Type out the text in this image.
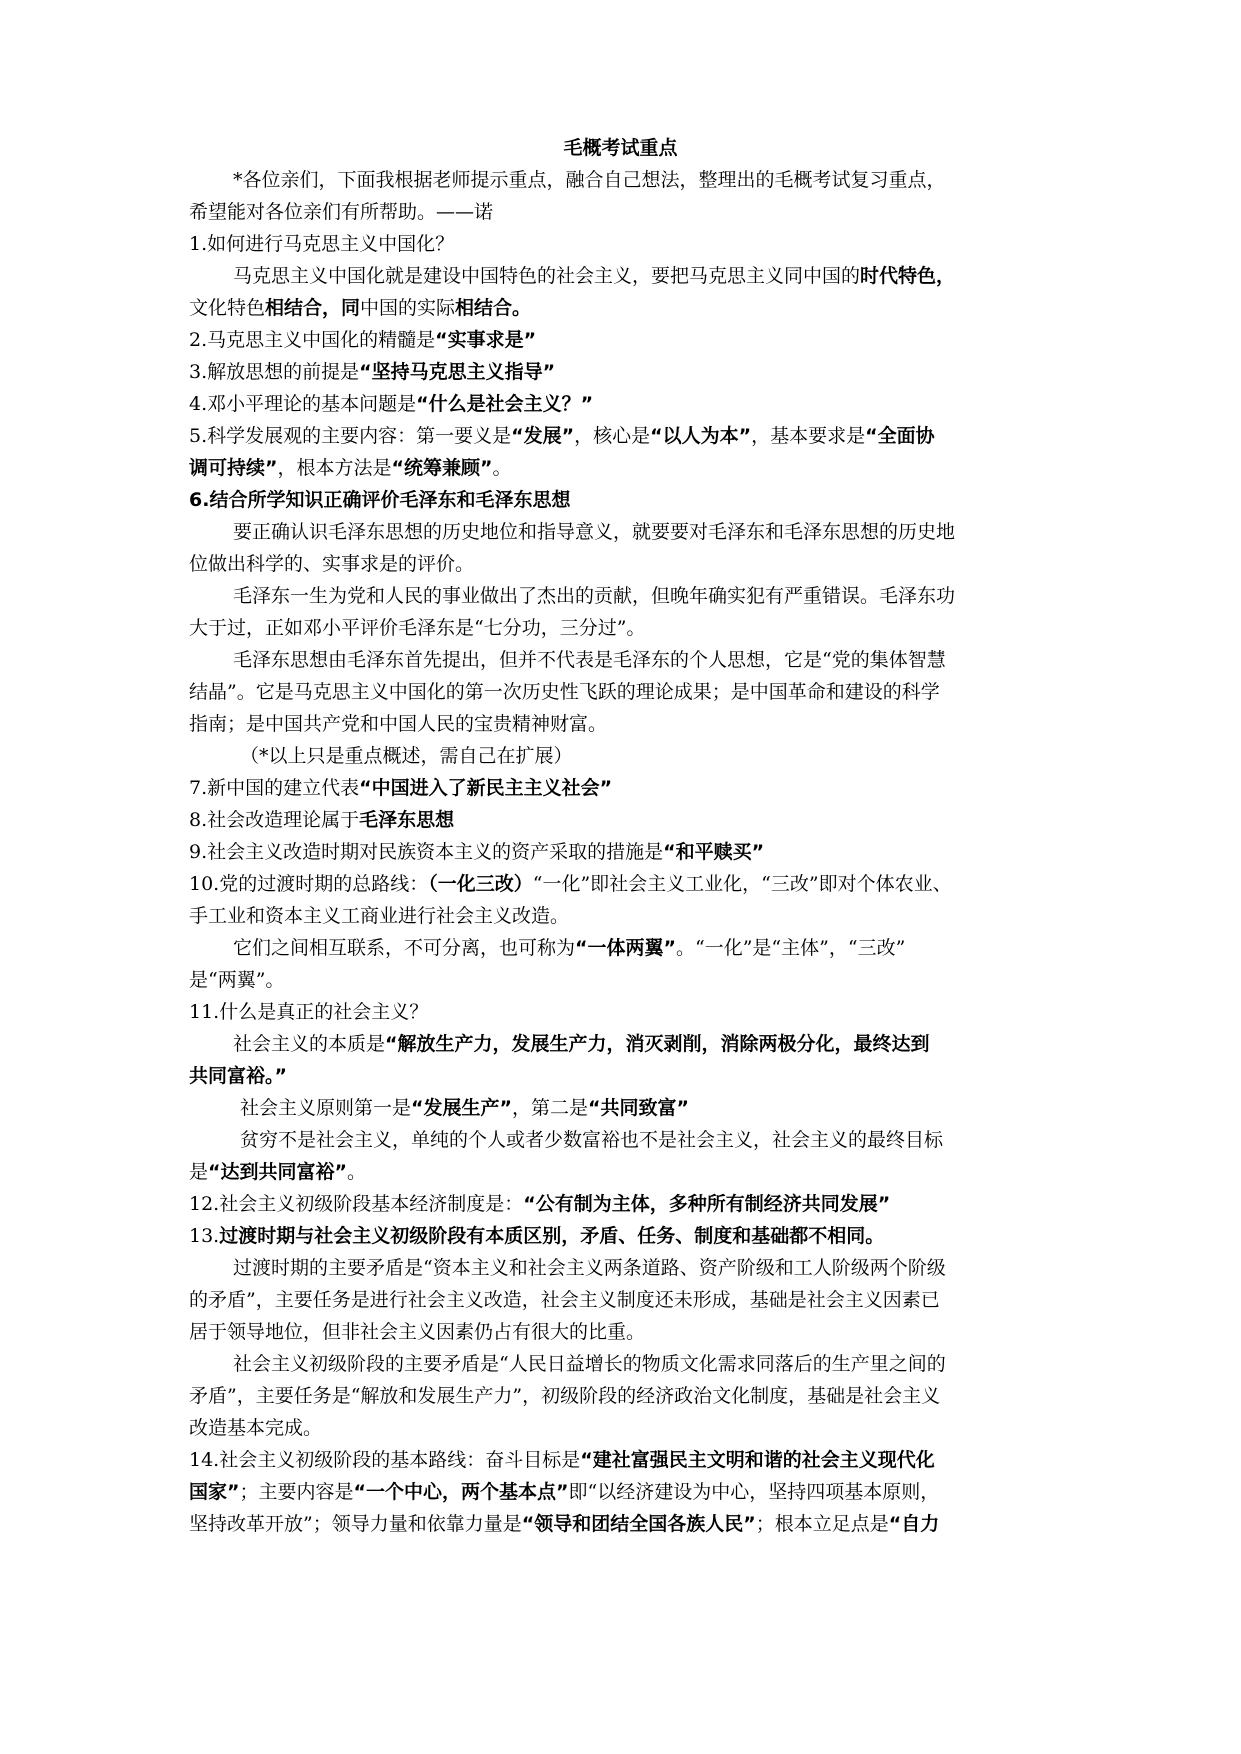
毛概考试重点
*各位亲们，下面我根据老师提示重点，融合自己想法，整理出的毛概考试复习重点，
希望能对各位亲们有所帮助。——诺
1.如何进行马克思主义中国化？
马克思主义中国化就是建设中国特色的社会主义，要把马克思主义同中国的时代特色，
文化特色相结合，同中国的实际相结合。
2.马克思主义中国化的精髓是“实事求是”
3.解放思想的前提是“坚持马克思主义指导”
4.邓小平理论的基本问题是“什么是社会主义？”
5.科学发展观的主要内容：第一要义是“发展”，核心是“以人为本”，基本要求是“全面协
调可持续”，根本方法是“统筹兼顾”。
6.结合所学知识正确评价毛泽东和毛泽东思想
要正确认识毛泽东思想的历史地位和指导意义，就要要对毛泽东和毛泽东思想的历史地
位做出科学的、实事求是的评价。
毛泽东一生为党和人民的事业做出了杰出的贡献，但晚年确实犯有严重错误。毛泽东功
大于过，正如邓小平评价毛泽东是“七分功，三分过”。
毛泽东思想由毛泽东首先提出，但并不代表是毛泽东的个人思想，它是“党的集体智慧
结晶”。它是马克思主义中国化的第一次历史性飞跃的理论成果；是中国革命和建设的科学
指南；是中国共产党和中国人民的宝贵精神财富。
（*以上只是重点概述，需自己在扩展）
7.新中国的建立代表“中国进入了新民主主义社会”
8.社会改造理论属于毛泽东思想
9.社会主义改造时期对民族资本主义的资产采取的措施是“和平赎买”
10.党的过渡时期的总路线：（一化三改）“一化”即社会主义工业化，“三改”即对个体农业、
手工业和资本主义工商业进行社会主义改造。
它们之间相互联系，不可分离，也可称为“一体两翼”。“一化”是“主体”，“三改”
是“两翼”。
11.什么是真正的社会主义？
社会主义的本质是“解放生产力，发展生产力，消灭剥削，消除两极分化，最终达到
共同富裕。”
社会主义原则第一是“发展生产”，第二是“共同致富”
贫穷不是社会主义，单纯的个人或者少数富裕也不是社会主义，社会主义的最终目标
是“达到共同富裕”。
12.社会主义初级阶段基本经济制度是：“公有制为主体，多种所有制经济共同发展”
13.过渡时期与社会主义初级阶段有本质区别，矛盾、任务、制度和基础都不相同。
过渡时期的主要矛盾是“资本主义和社会主义两条道路、资产阶级和工人阶级两个阶级
的矛盾”，主要任务是进行社会主义改造，社会主义制度还未形成，基础是社会主义因素已
居于领导地位，但非社会主义因素仍占有很大的比重。
社会主义初级阶段的主要矛盾是“人民日益增长的物质文化需求同落后的生产里之间的
矛盾”，主要任务是“解放和发展生产力”，初级阶段的经济政治文化制度，基础是社会主义
改造基本完成。
14.社会主义初级阶段的基本路线：奋斗目标是“建社富强民主文明和谐的社会主义现代化
国家”；主要内容是“一个中心，两个基本点”即“以经济建设为中心，坚持四项基本原则，
坚持改革开放”；领导力量和依靠力量是“领导和团结全国各族人民”；根本立足点是“自力
